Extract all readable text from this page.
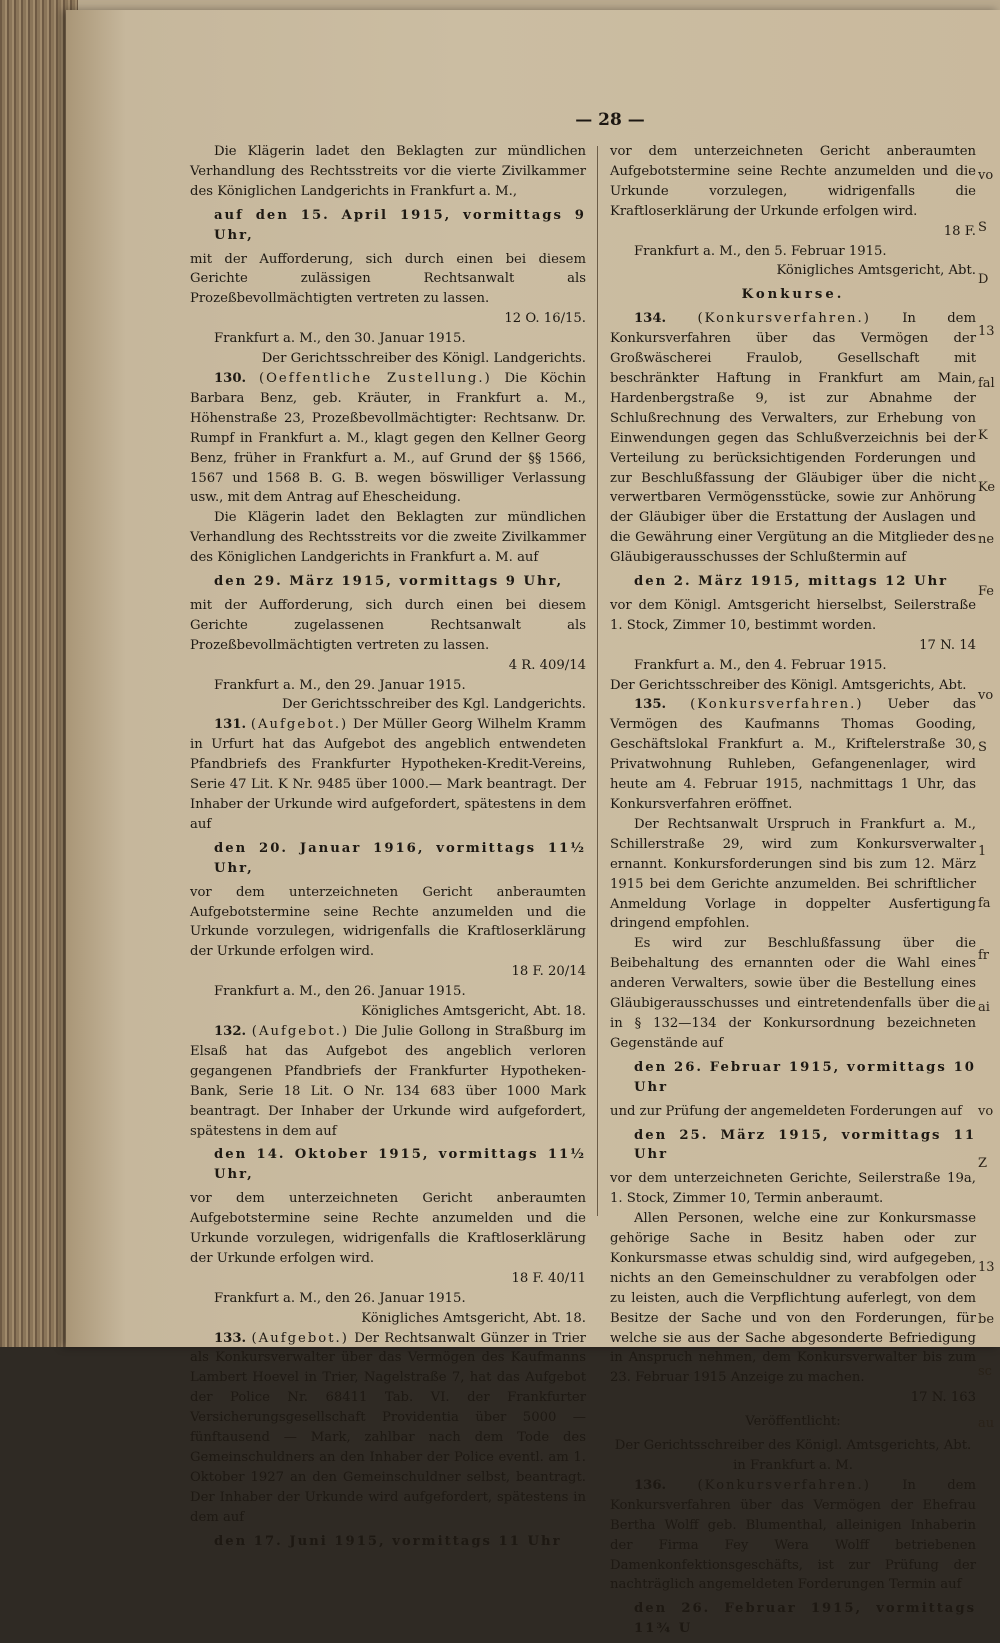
vo
S
D
13
fal
K
Ke
ne
Fe

vo
S

1
fa
fr
ai

vo
Z

13
be
sc
au
— 28 —

Die Klägerin ladet den Beklagten zur mündlichen Verhandlung des Rechtsstreits vor die vierte Zivilkammer des Königlichen Landgerichts in Frankfurt a. M.,

auf den 15. April 1915, vormittags 9 Uhr,

mit der Aufforderung, sich durch einen bei diesem Gerichte zulässigen Rechtsanwalt als Prozeßbevollmächtigten vertreten zu lassen.

12 O. 16/15.

Frankfurt a. M., den 30. Januar 1915.

Der Gerichtsschreiber des Königl. Landgerichts.

130. (Oeffentliche Zustellung.) Die Köchin Barbara Benz, geb. Kräuter, in Frankfurt a. M., Höhenstraße 23, Prozeßbevollmächtigter: Rechtsanw. Dr. Rumpf in Frankfurt a. M., klagt gegen den Kellner Georg Benz, früher in Frankfurt a. M., auf Grund der §§ 1566, 1567 und 1568 B. G. B. wegen böswilliger Verlassung usw., mit dem Antrag auf Ehescheidung.

Die Klägerin ladet den Beklagten zur mündlichen Verhandlung des Rechtsstreits vor die zweite Zivilkammer des Königlichen Landgerichts in Frankfurt a. M. auf

den 29. März 1915, vormittags 9 Uhr,

mit der Aufforderung, sich durch einen bei diesem Gerichte zugelassenen Rechtsanwalt als Prozeßbevollmächtigten vertreten zu lassen.

4 R. 409/14

Frankfurt a. M., den 29. Januar 1915.

Der Gerichtsschreiber des Kgl. Landgerichts.

131. (Aufgebot.) Der Müller Georg Wilhelm Kramm in Urfurt hat das Aufgebot des angeblich entwendeten Pfandbriefs des Frankfurter Hypotheken-Kredit-Vereins, Serie 47 Lit. K Nr. 9485 über 1000.— Mark beantragt. Der Inhaber der Urkunde wird aufgefordert, spätestens in dem auf

den 20. Januar 1916, vormittags 11½ Uhr,

vor dem unterzeichneten Gericht anberaumten Aufgebotstermine seine Rechte anzumelden und die Urkunde vorzulegen, widrigenfalls die Kraftloserklärung der Urkunde erfolgen wird.

18 F. 20/14

Frankfurt a. M., den 26. Januar 1915.

Königliches Amtsgericht, Abt. 18.

132. (Aufgebot.) Die Julie Gollong in Straßburg im Elsaß hat das Aufgebot des angeblich verloren gegangenen Pfandbriefs der Frankfurter Hypotheken-Bank, Serie 18 Lit. O Nr. 134 683 über 1000 Mark beantragt. Der Inhaber der Urkunde wird aufgefordert, spätestens in dem auf

den 14. Oktober 1915, vormittags 11½ Uhr,

vor dem unterzeichneten Gericht anberaumten Aufgebotstermine seine Rechte anzumelden und die Urkunde vorzulegen, widrigenfalls die Kraftloserklärung der Urkunde erfolgen wird.

18 F. 40/11

Frankfurt a. M., den 26. Januar 1915.

Königliches Amtsgericht, Abt. 18.

133. (Aufgebot.) Der Rechtsanwalt Günzer in Trier als Konkursverwalter über das Vermögen des Kaufmanns Lambert Hoevel in Trier, Nagelstraße 7, hat das Aufgebot der Police Nr. 68411 Tab. VI. der Frankfurter Versicherungsgesellschaft Providentia über 5000 — fünftausend — Mark, zahlbar nach dem Tode des Gemeinschuldners an den Inhaber der Police eventl. am 1. Oktober 1927 an den Gemeinschuldner selbst, beantragt. Der Inhaber der Urkunde wird aufgefordert, spätestens in dem auf

den 17. Juni 1915, vormittags 11 Uhr

vor dem unterzeichneten Gericht anberaumten Aufgebotstermine seine Rechte anzumelden und die Urkunde vorzulegen, widrigenfalls die Kraftloserklärung der Urkunde erfolgen wird.

18 F.

Frankfurt a. M., den 5. Februar 1915.

Königliches Amtsgericht, Abt.

Konkurse.

134. (Konkursverfahren.) In dem Konkursverfahren über das Vermögen der Großwäscherei Fraulob, Gesellschaft mit beschränkter Haftung in Frankfurt am Main, Hardenbergstraße 9, ist zur Abnahme der Schlußrechnung des Verwalters, zur Erhebung von Einwendungen gegen das Schlußverzeichnis bei der Verteilung zu berücksichtigenden Forderungen und zur Beschlußfassung der Gläubiger über die nicht verwertbaren Vermögensstücke, sowie zur Anhörung der Gläubiger über die Erstattung der Auslagen und die Gewährung einer Vergütung an die Mitglieder des Gläubigerausschusses der Schlußtermin auf

den 2. März 1915, mittags 12 Uhr

vor dem Königl. Amtsgericht hierselbst, Seilerstraße 1. Stock, Zimmer 10, bestimmt worden.

17 N. 14

Frankfurt a. M., den 4. Februar 1915.

Der Gerichtsschreiber des Königl. Amtsgerichts, Abt.

135. (Konkursverfahren.) Ueber das Vermögen des Kaufmanns Thomas Gooding, Geschäftslokal Frankfurt a. M., Kriftelerstraße 30, Privatwohnung Ruhleben, Gefangenenlager, wird heute am 4. Februar 1915, nachmittags 1 Uhr, das Konkursverfahren eröffnet.

Der Rechtsanwalt Urspruch in Frankfurt a. M., Schillerstraße 29, wird zum Konkursverwalter ernannt. Konkursforderungen sind bis zum 12. März 1915 bei dem Gerichte anzumelden. Bei schriftlicher Anmeldung Vorlage in doppelter Ausfertigung dringend empfohlen.

Es wird zur Beschlußfassung über die Beibehaltung des ernannten oder die Wahl eines anderen Verwalters, sowie über die Bestellung eines Gläubigerausschusses und eintretendenfalls über die in § 132—134 der Konkursordnung bezeichneten Gegenstände auf

den 26. Februar 1915, vormittags 10 Uhr

und zur Prüfung der angemeldeten Forderungen auf

den 25. März 1915, vormittags 11 Uhr

vor dem unterzeichneten Gerichte, Seilerstraße 19a, 1. Stock, Zimmer 10, Termin anberaumt.

Allen Personen, welche eine zur Konkursmasse gehörige Sache in Besitz haben oder zur Konkursmasse etwas schuldig sind, wird aufgegeben, nichts an den Gemeinschuldner zu verabfolgen oder zu leisten, auch die Verpflichtung auferlegt, von dem Besitze der Sache und von den Forderungen, für welche sie aus der Sache abgesonderte Befriedigung in Anspruch nehmen, dem Konkursverwalter bis zum 23. Februar 1915 Anzeige zu machen.

17 N. 163

Veröffentlicht:

Der Gerichtsschreiber des Königl. Amtsgerichts, Abt. in Frankfurt a. M.

136. (Konkursverfahren.) In dem Konkursverfahren über das Vermögen der Ehefrau Bertha Wolff geb. Blumenthal, alleinigen Inhaberin der Firma Fey Wera Wolff betriebenen Damenkonfektionsgeschäfts, ist zur Prüfung der nachträglich angemeldeten Forderungen Termin auf

den 26. Februar 1915, vormittags 11¾ U
